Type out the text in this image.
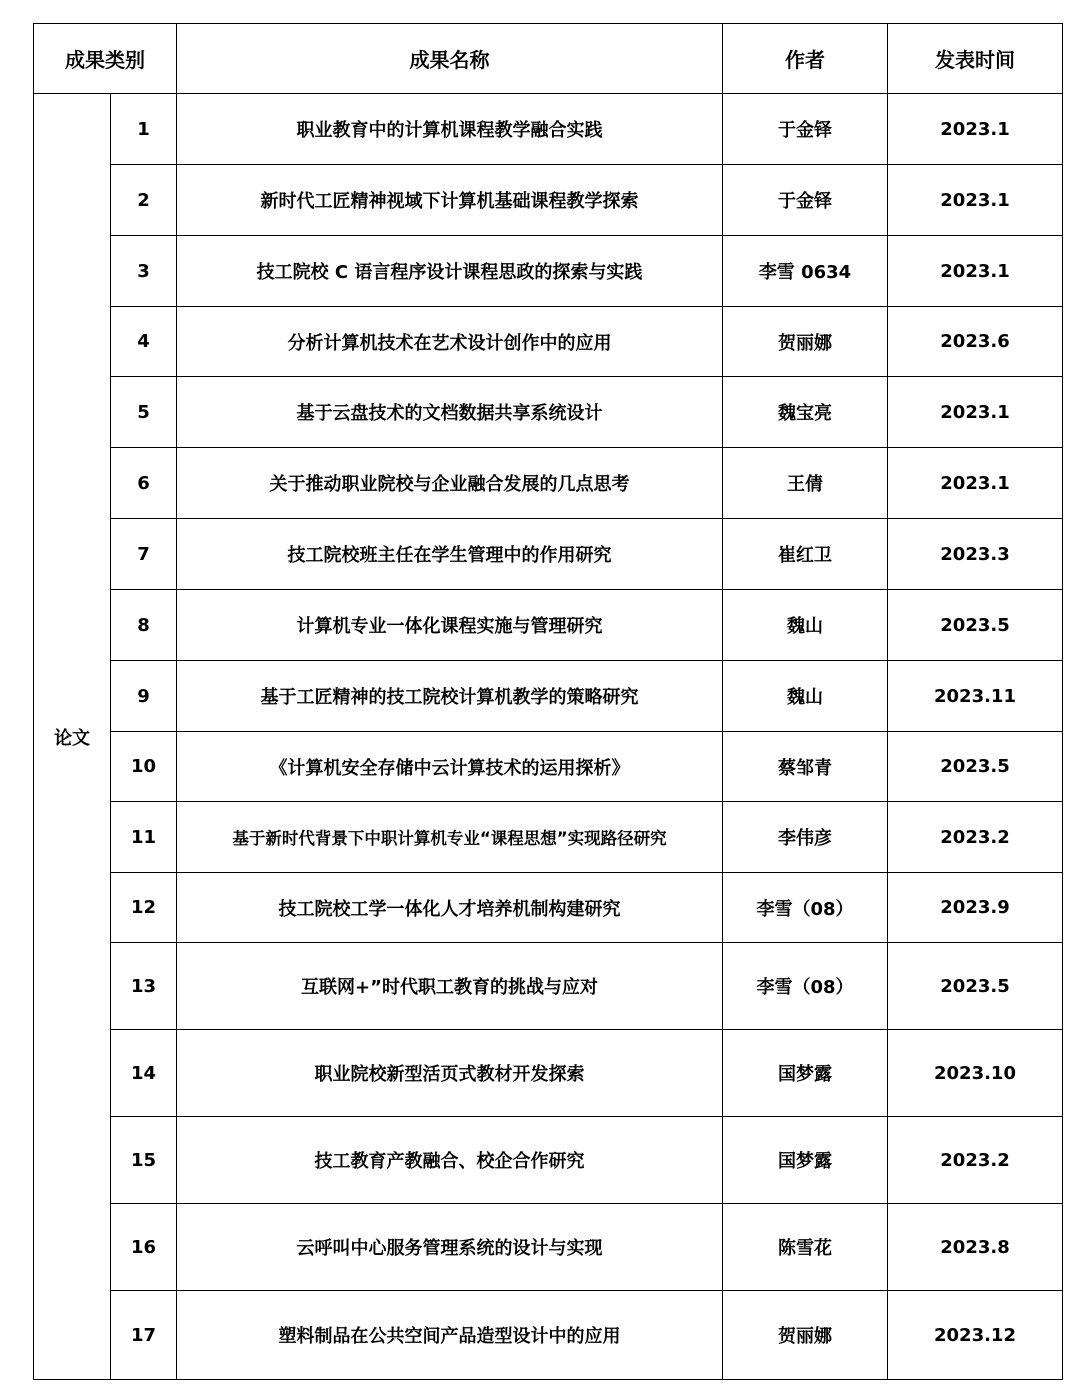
成果类别		成果名称	作者	发表时间
论文	1	职业教育中的计算机课程教学融合实践	于金铎	2023.1
	2	新时代工匠精神视域下计算机基础课程教学探索	于金铎	2023.1
	3	技工院校 C 语言程序设计课程思政的探索与实践	李雪 0634	2023.1
	4	分析计算机技术在艺术设计创作中的应用	贺丽娜	2023.6
	5	基于云盘技术的文档数据共享系统设计	魏宝亮	2023.1
	6	关于推动职业院校与企业融合发展的几点思考	王倩	2023.1
	7	技工院校班主任在学生管理中的作用研究	崔红卫	2023.3
	8	计算机专业一体化课程实施与管理研究	魏山	2023.5
	9	基于工匠精神的技工院校计算机教学的策略研究	魏山	2023.11
	10	《计算机安全存储中云计算技术的运用探析》	蔡邹青	2023.5
	11	基于新时代背景下中职计算机专业“课程思想”实现路径研究	李伟彦	2023.2
	12	技工院校工学一体化人才培养机制构建研究	李雪（08）	2023.9
	13	互联网+”时代职工教育的挑战与应对	李雪（08）	2023.5
	14	职业院校新型活页式教材开发探索	国梦露	2023.10
	15	技工教育产教融合、校企合作研究	国梦露	2023.2
	16	云呼叫中心服务管理系统的设计与实现	陈雪花	2023.8
	17	塑料制品在公共空间产品造型设计中的应用	贺丽娜	2023.12
